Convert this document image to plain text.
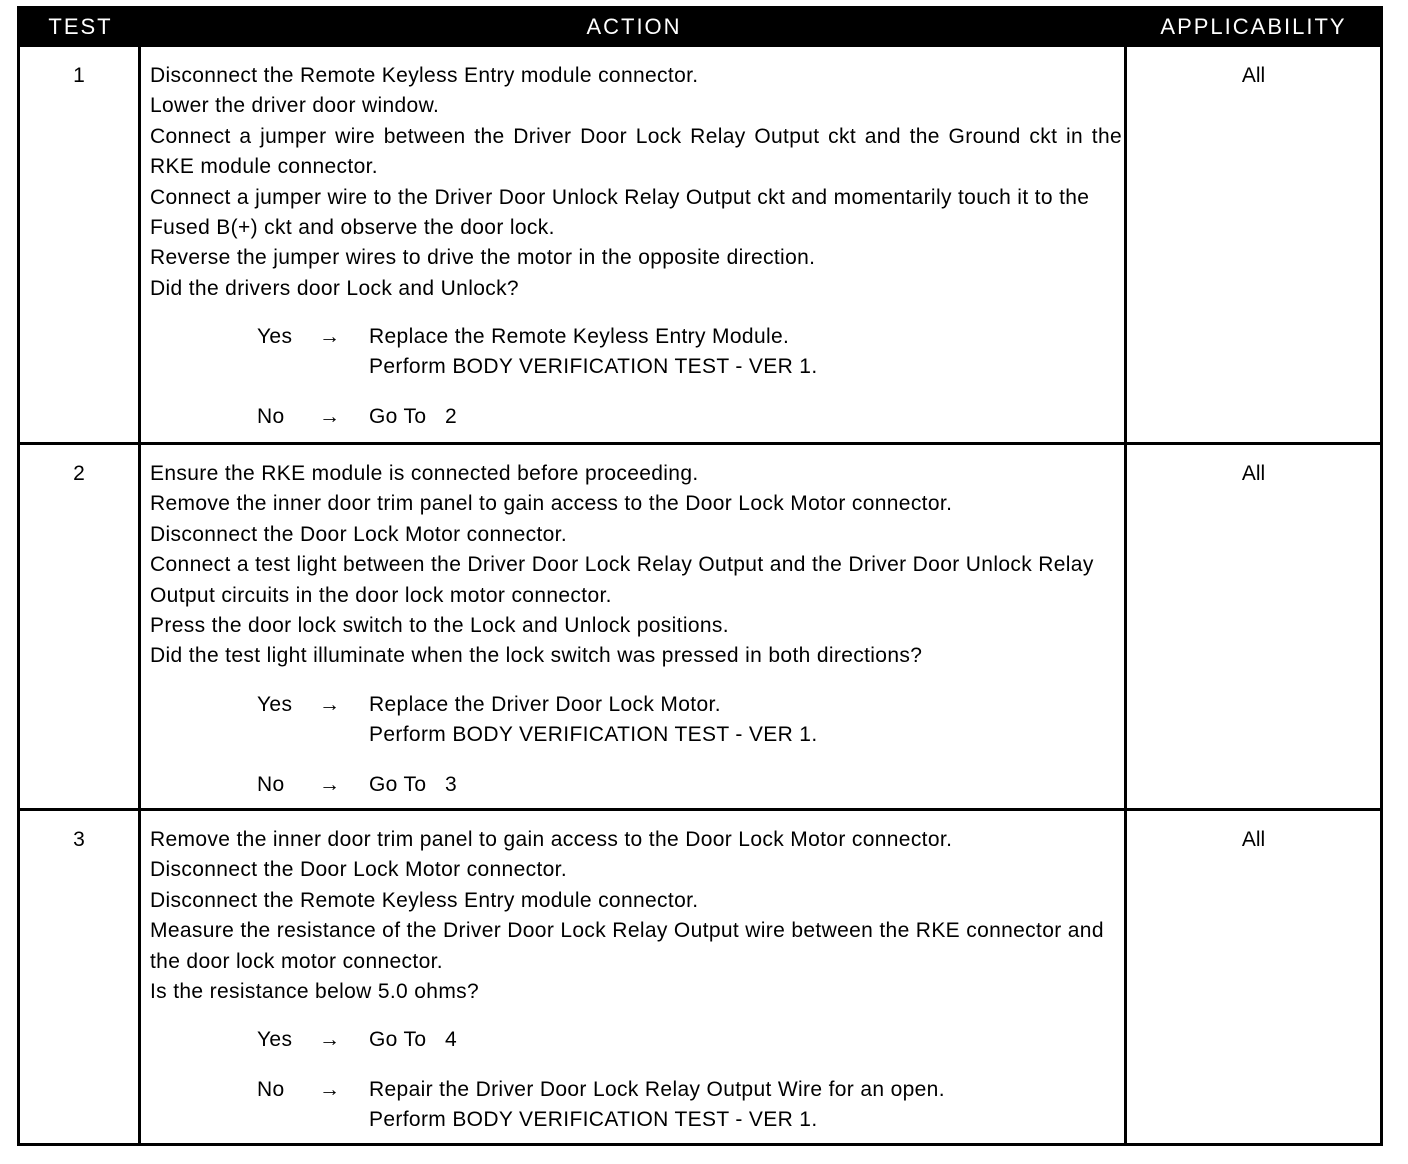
TEST	ACTION	APPLICABILITY
1	Disconnect the Remote Keyless Entry module connector.
Lower the driver door window.
Connect a jumper wire between the Driver Door Lock Relay Output ckt and the Ground ckt in the RKE module connector.
Connect a jumper wire to the Driver Door Unlock Relay Output ckt and momentarily touch it to the Fused B(+) ckt and observe the door lock.
Reverse the jumper wires to drive the motor in the opposite direction.
Did the drivers door Lock and Unlock?
Yes	→	Replace the Remote Keyless Entry Module.
Perform BODY VERIFICATION TEST - VER 1.
No	→	Go To   2
All
2	Ensure the RKE module is connected before proceeding.
Remove the inner door trim panel to gain access to the Door Lock Motor connector.
Disconnect the Door Lock Motor connector.
Connect a test light between the Driver Door Lock Relay Output and the Driver Door Unlock Relay Output circuits in the door lock motor connector.
Press the door lock switch to the Lock and Unlock positions.
Did the test light illuminate when the lock switch was pressed in both directions?
Yes	→	Replace the Driver Door Lock Motor.
Perform BODY VERIFICATION TEST - VER 1.
No	→	Go To   3
All
3	Remove the inner door trim panel to gain access to the Door Lock Motor connector.
Disconnect the Door Lock Motor connector.
Disconnect the Remote Keyless Entry module connector.
Measure the resistance of the Driver Door Lock Relay Output wire between the RKE connector and the door lock motor connector.
Is the resistance below 5.0 ohms?
Yes	→	Go To   4
No	→	Repair the Driver Door Lock Relay Output Wire for an open.
Perform BODY VERIFICATION TEST - VER 1.
All
